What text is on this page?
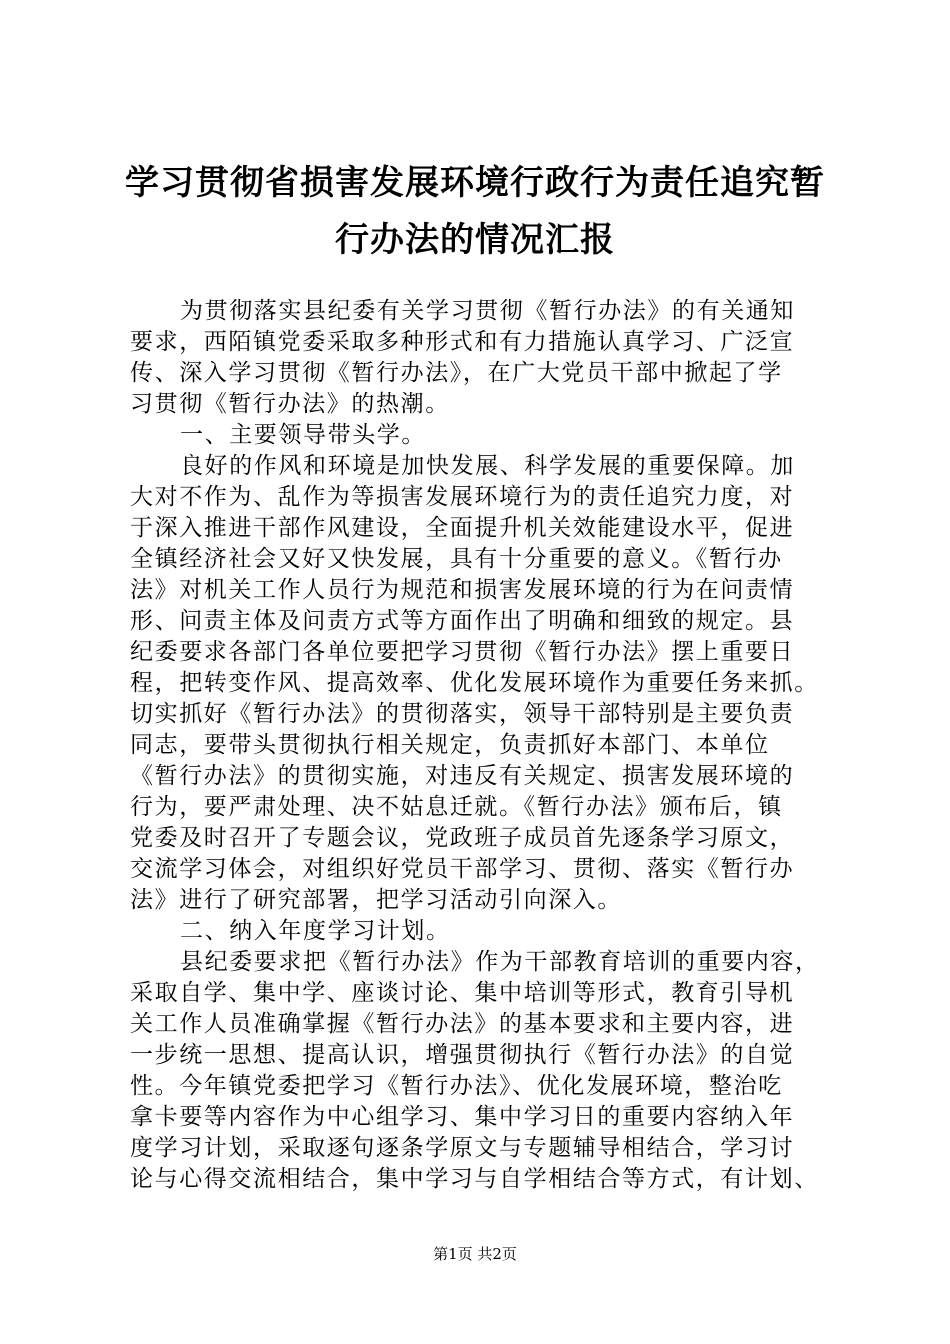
学习贯彻省损害发展环境行政行为责任追究暂
行办法的情况汇报
为贯彻落实县纪委有关学习贯彻《暂行办法》的有关通知
要求，西陌镇党委采取多种形式和有力措施认真学习、广泛宣
传、深入学习贯彻《暂行办法》，在广大党员干部中掀起了学
习贯彻《暂行办法》的热潮。
一、主要领导带头学。
良好的作风和环境是加快发展、科学发展的重要保障。加
大对不作为、乱作为等损害发展环境行为的责任追究力度，对
于深入推进干部作风建设，全面提升机关效能建设水平，促进
全镇经济社会又好又快发展，具有十分重要的意义。《暂行办
法》对机关工作人员行为规范和损害发展环境的行为在问责情
形、问责主体及问责方式等方面作出了明确和细致的规定。县
纪委要求各部门各单位要把学习贯彻《暂行办法》摆上重要日
程，把转变作风、提高效率、优化发展环境作为重要任务来抓。
切实抓好《暂行办法》的贯彻落实，领导干部特别是主要负责
同志，要带头贯彻执行相关规定，负责抓好本部门、本单位
《暂行办法》的贯彻实施，对违反有关规定、损害发展环境的
行为，要严肃处理、决不姑息迁就。《暂行办法》颁布后，镇
党委及时召开了专题会议，党政班子成员首先逐条学习原文，
交流学习体会，对组织好党员干部学习、贯彻、落实《暂行办
法》进行了研究部署，把学习活动引向深入。
二、纳入年度学习计划。
县纪委要求把《暂行办法》作为干部教育培训的重要内容，
采取自学、集中学、座谈讨论、集中培训等形式，教育引导机
关工作人员准确掌握《暂行办法》的基本要求和主要内容，进
一步统一思想、提高认识，增强贯彻执行《暂行办法》的自觉
性。今年镇党委把学习《暂行办法》、优化发展环境，整治吃
拿卡要等内容作为中心组学习、集中学习日的重要内容纳入年
度学习计划，采取逐句逐条学原文与专题辅导相结合，学习讨
论与心得交流相结合，集中学习与自学相结合等方式，有计划、
第1页 共2页
